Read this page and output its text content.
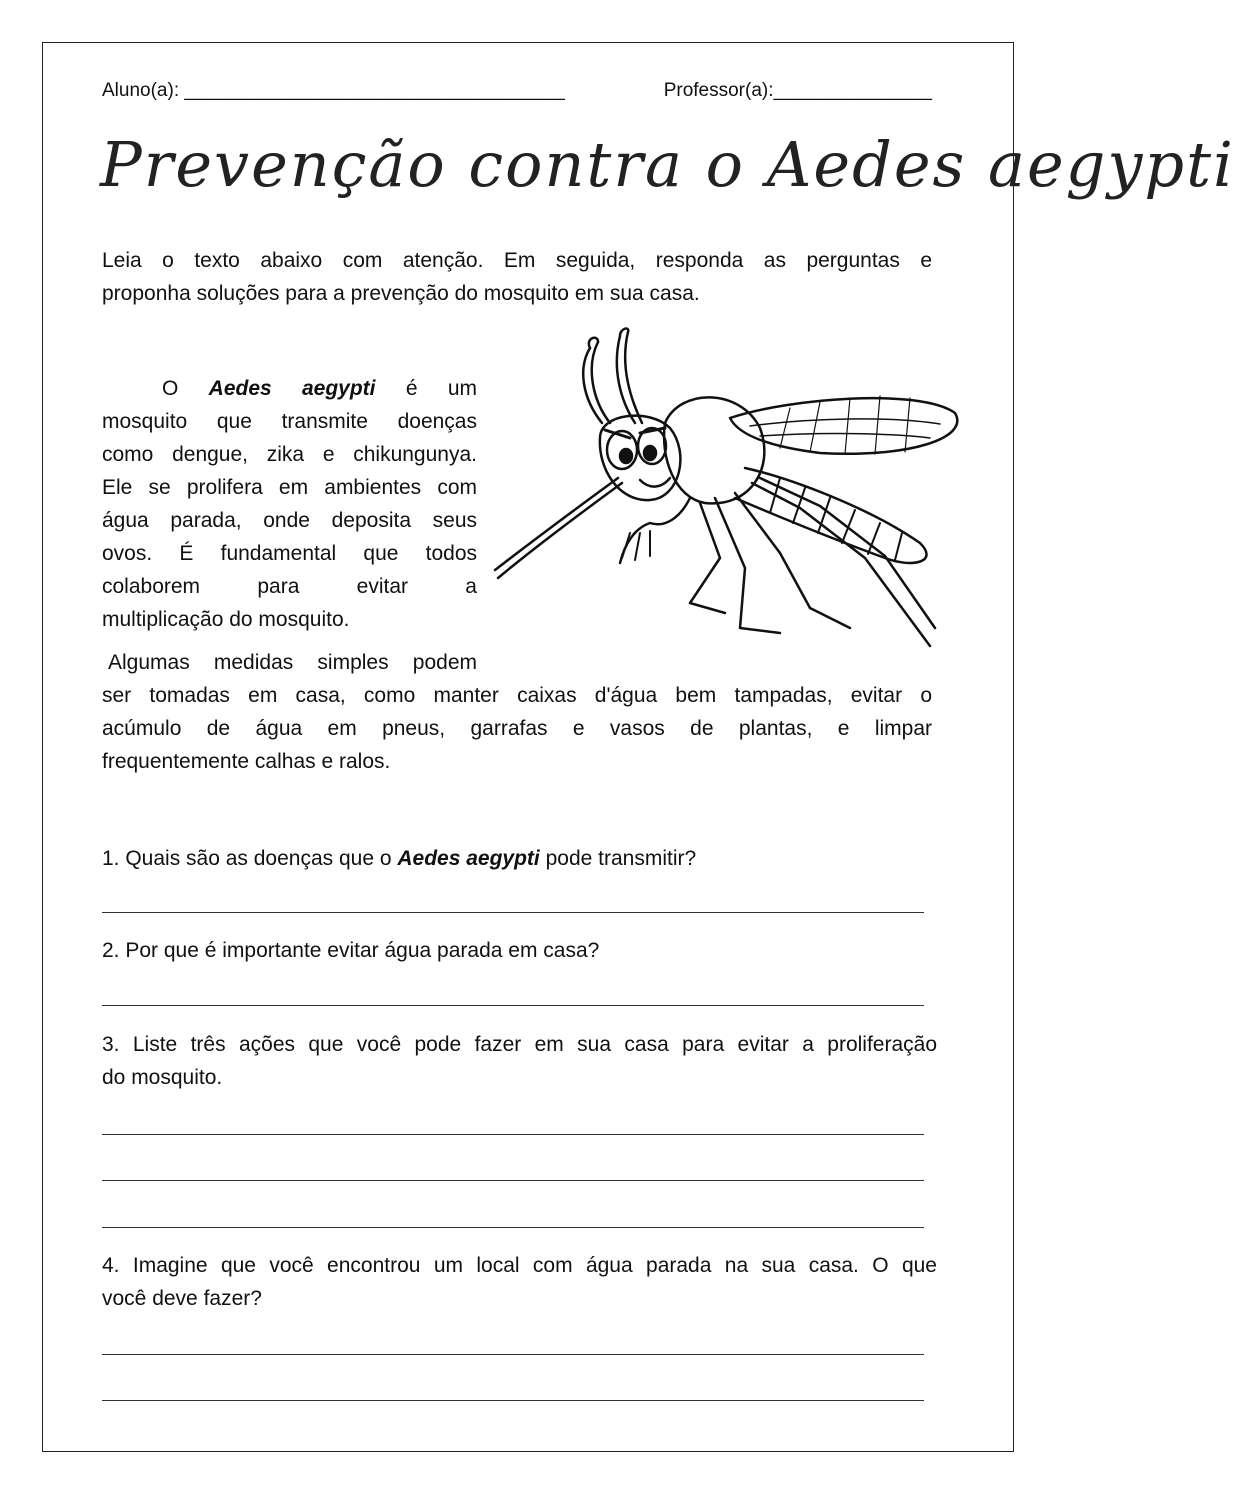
Aluno(a): ____________________________________	Professor(a):_______________
Prevenção contra o Aedes aegypti

Leia o texto abaixo com atenção. Em seguida, responda as perguntas e
proponha soluções para a prevenção do mosquito em sua casa.

O Aedes aegypti é um
mosquito que transmite doenças
como dengue, zika e chikungunya.
Ele se prolifera em ambientes com
água parada, onde deposita seus
ovos. É fundamental que todos
colaborem para evitar a
multiplicação do mosquito.

Algumas medidas simples podem

ser tomadas em casa, como manter caixas d'água bem tampadas, evitar o
acúmulo de água em pneus, garrafas e vasos de plantas, e limpar
frequentemente calhas e ralos.

1. Quais são as doenças que o Aedes aegypti pode transmitir?

2. Por que é importante evitar água parada em casa?

3. Liste três ações que você pode fazer em sua casa para evitar a proliferação
do mosquito.

4. Imagine que você encontrou um local com água parada na sua casa. O que
você deve fazer?
